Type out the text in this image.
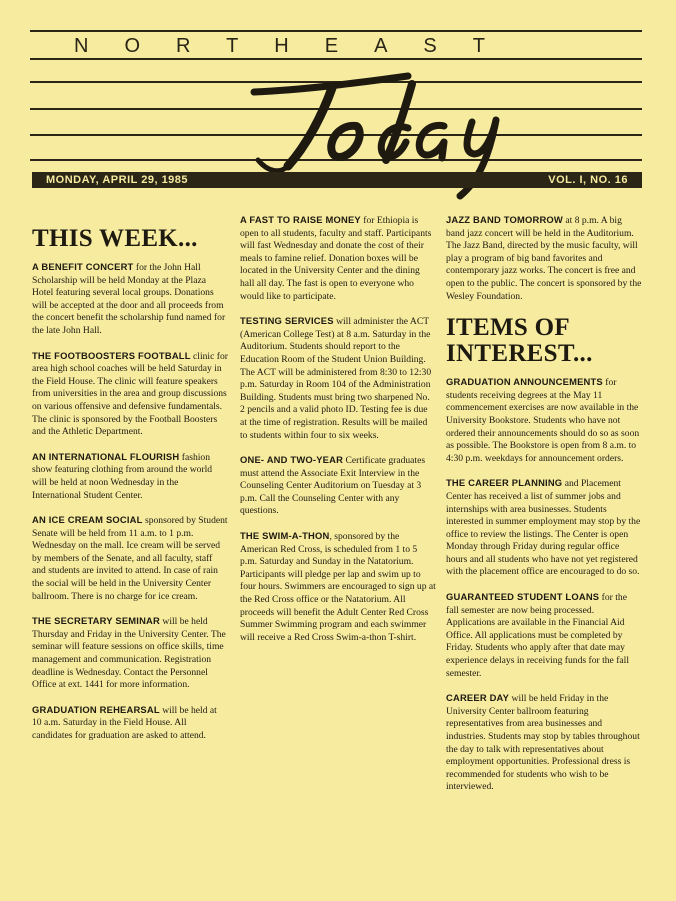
NORTHEAST
MONDAY, APRIL 29, 1985	VOL. I, NO. 16
THIS WEEK...

A BENEFIT CONCERT for the John Hall Scholarship will be held Monday at the Plaza Hotel featuring several local groups. Donations will be accepted at the door and all proceeds from the concert benefit the scholarship fund named for the late John Hall.

THE FOOTBOOSTERS FOOTBALL clinic for area high school coaches will be held Saturday in the Field House. The clinic will feature speakers from universities in the area and group discussions on various offensive and defensive fundamentals. The clinic is sponsored by the Football Boosters and the Athletic Department.

AN INTERNATIONAL FLOURISH fashion show featuring clothing from around the world will be held at noon Wednesday in the International Student Center.

AN ICE CREAM SOCIAL sponsored by Student Senate will be held from 11 a.m. to 1 p.m. Wednesday on the mall. Ice cream will be served by members of the Senate, and all faculty, staff and students are invited to attend. In case of rain the social will be held in the University Center ballroom. There is no charge for ice cream.

THE SECRETARY SEMINAR will be held Thursday and Friday in the University Center. The seminar will feature sessions on office skills, time management and communication. Registration deadline is Wednesday. Contact the Personnel Office at ext. 1441 for more information.

GRADUATION REHEARSAL will be held at 10 a.m. Saturday in the Field House. All candidates for graduation are asked to attend.

A FAST TO RAISE MONEY for Ethiopia is open to all students, faculty and staff. Participants will fast Wednesday and donate the cost of their meals to famine relief. Donation boxes will be located in the University Center and the dining hall all day. The fast is open to everyone who would like to participate.

TESTING SERVICES will administer the ACT (American College Test) at 8 a.m. Saturday in the Auditorium. Students should report to the Education Room of the Student Union Building. The ACT will be administered from 8:30 to 12:30 p.m. Saturday in Room 104 of the Administration Building. Students must bring two sharpened No. 2 pencils and a valid photo ID. Testing fee is due at the time of registration. Results will be mailed to students within four to six weeks.

ONE- AND TWO-YEAR Certificate graduates must attend the Associate Exit Interview in the Counseling Center Auditorium on Tuesday at 3 p.m. Call the Counseling Center with any questions.

THE SWIM-A-THON, sponsored by the American Red Cross, is scheduled from 1 to 5 p.m. Saturday and Sunday in the Natatorium. Participants will pledge per lap and swim up to four hours. Swimmers are encouraged to sign up at the Red Cross office or the Natatorium. All proceeds will benefit the Adult Center Red Cross Summer Swimming program and each swimmer will receive a Red Cross Swim-a-thon T-shirt.

JAZZ BAND TOMORROW at 8 p.m. A big band jazz concert will be held in the Auditorium. The Jazz Band, directed by the music faculty, will play a program of big band favorites and contemporary jazz works. The concert is free and open to the public. The concert is sponsored by the Wesley Foundation.

ITEMS OF INTEREST...

GRADUATION ANNOUNCEMENTS for students receiving degrees at the May 11 commencement exercises are now available in the University Bookstore. Students who have not ordered their announcements should do so as soon as possible. The Bookstore is open from 8 a.m. to 4:30 p.m. weekdays for announcement orders.

THE CAREER PLANNING and Placement Center has received a list of summer jobs and internships with area businesses. Students interested in summer employment may stop by the office to review the listings. The Center is open Monday through Friday during regular office hours and all students who have not yet registered with the placement office are encouraged to do so.

GUARANTEED STUDENT LOANS for the fall semester are now being processed. Applications are available in the Financial Aid Office. All applications must be completed by Friday. Students who apply after that date may experience delays in receiving funds for the fall semester.

CAREER DAY will be held Friday in the University Center ballroom featuring representatives from area businesses and industries. Students may stop by tables throughout the day to talk with representatives about employment opportunities. Professional dress is recommended for students who wish to be interviewed.
